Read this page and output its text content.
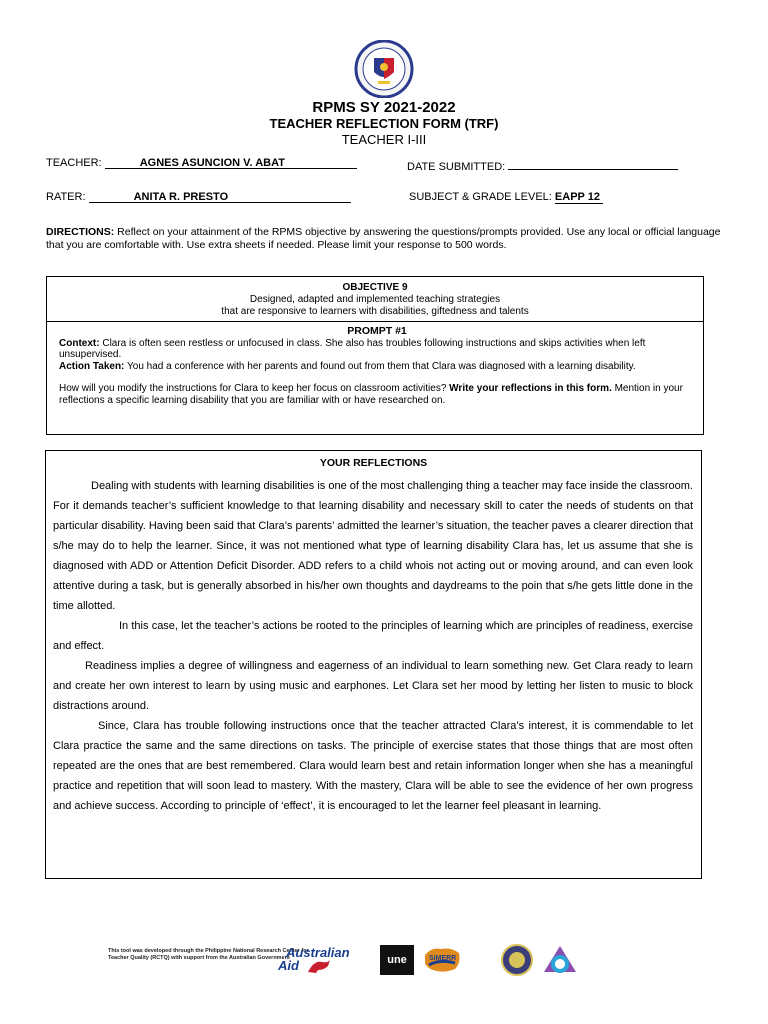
RPMS SY 2021-2022
TEACHER REFLECTION FORM (TRF)
TEACHER I-III
TEACHER:	AGNES ASUNCION V. ABAT	DATE SUBMITTED:
RATER:	ANITA R. PRESTO	SUBJECT & GRADE LEVEL: EAPP 12
DIRECTIONS: Reflect on your attainment of the RPMS objective by answering the questions/prompts provided. Use any local or official language that you are comfortable with. Use extra sheets if needed. Please limit your response to 500 words.
OBJECTIVE 9
Designed, adapted and implemented teaching strategies
that are responsive to learners with disabilities, giftedness and talents
PROMPT #1

Context: Clara is often seen restless or unfocused in class. She also has troubles following instructions and skips activities when left unsupervised.

Action Taken: You had a conference with her parents and found out from them that Clara was diagnosed with a learning disability.

How will you modify the instructions for Clara to keep her focus on classroom activities? Write your reflections in this form. Mention in your reflections a specific learning disability that you are familiar with or have researched on.

YOUR REFLECTIONS

Dealing with students with learning disabilities is one of the most challenging thing a teacher may face inside the classroom. For it demands teacher’s sufficient knowledge to that learning disability and necessary skill to cater the needs of students on that particular disability. Having been said that Clara’s parents’ admitted the learner’s situation, the teacher paves a clearer direction that s/he may do to help the learner. Since, it was not mentioned what type of learning disability Clara has, let us assume that she is diagnosed with ADD or Attention Deficit Disorder. ADD refers to a child whois not acting out or moving around, and can even look attentive during a task, but is generally absorbed in his/her own thoughts and daydreams to the poin that s/he gets little done in the time allotted.

In this case, let the teacher’s actions be rooted to the principles of learning which are principles of readiness, exercise and effect.

Readiness implies a degree of willingness and eagerness of an individual to learn something new. Get Clara ready to learn and create her own interest to learn by using music and earphones. Let Clara set her mood by letting her listen to music to block distractions around.

Since, Clara has trouble following instructions once that the teacher attracted Clara’s interest, it is commendable to let Clara practice the same and the same directions on tasks. The principle of exercise states that those things that are most often repeated are the ones that are best remembered. Clara would learn best and retain information longer when she has a meaningful practice and repetition that will soon lead to mastery. With the mastery, Clara will be able to see the evidence of her own progress and achieve success. According to principle of ‘effect’, it is encouraged to let the learner feel pleasant in learning.

This tool was developed through the Philippine National Research Center for Teacher Quality (RCTQ) with support from the Australian Government
Australian
Aid	une	SiMERR
